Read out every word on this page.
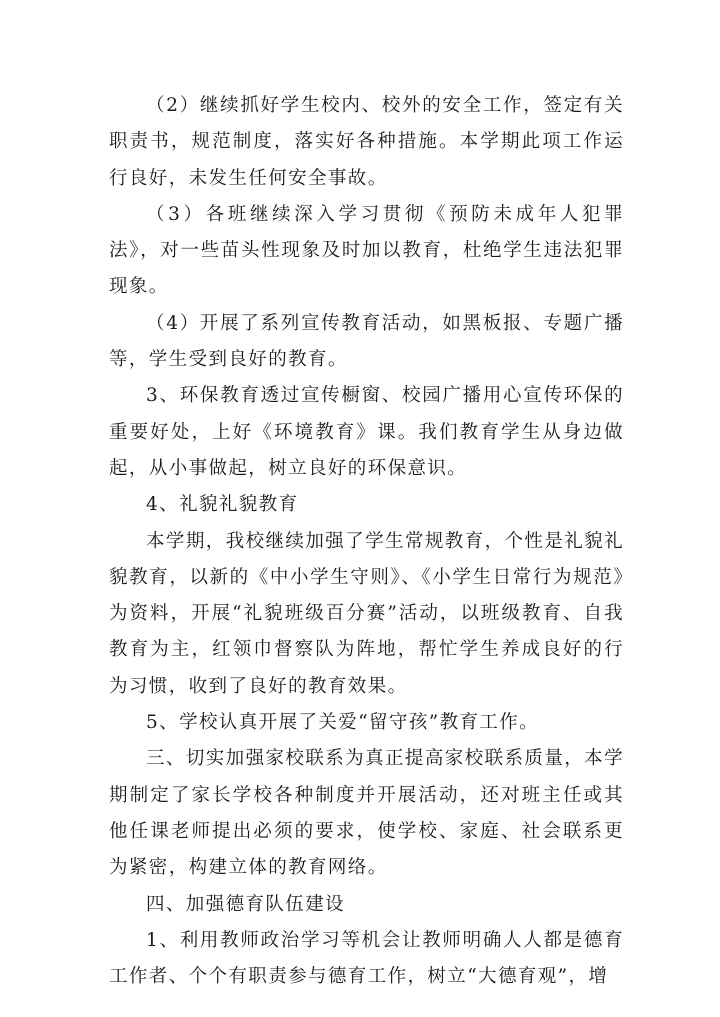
（2）继续抓好学生校内、校外的安全工作，签定有关职责书，规范制度，落实好各种措施。本学期此项工作运行良好，未发生任何安全事故。

（3）各班继续深入学习贯彻《预防未成年人犯罪法》，对一些苗头性现象及时加以教育，杜绝学生违法犯罪现象。

（4）开展了系列宣传教育活动，如黑板报、专题广播等，学生受到良好的教育。

3、环保教育透过宣传橱窗、校园广播用心宣传环保的重要好处，上好《环境教育》课。我们教育学生从身边做起，从小事做起，树立良好的环保意识。

4、礼貌礼貌教育

本学期，我校继续加强了学生常规教育，个性是礼貌礼貌教育，以新的《中小学生守则》、《小学生日常行为规范》为资料，开展“礼貌班级百分赛”活动，以班级教育、自我教育为主，红领巾督察队为阵地，帮忙学生养成良好的行为习惯，收到了良好的教育效果。

5、学校认真开展了关爱“留守孩”教育工作。

三、切实加强家校联系为真正提高家校联系质量，本学期制定了家长学校各种制度并开展活动，还对班主任或其他任课老师提出必须的要求，使学校、家庭、社会联系更为紧密，构建立体的教育网络。

四、加强德育队伍建设

1、利用教师政治学习等机会让教师明确人人都是德育工作者、个个有职责参与德育工作，树立“大德育观”，增
